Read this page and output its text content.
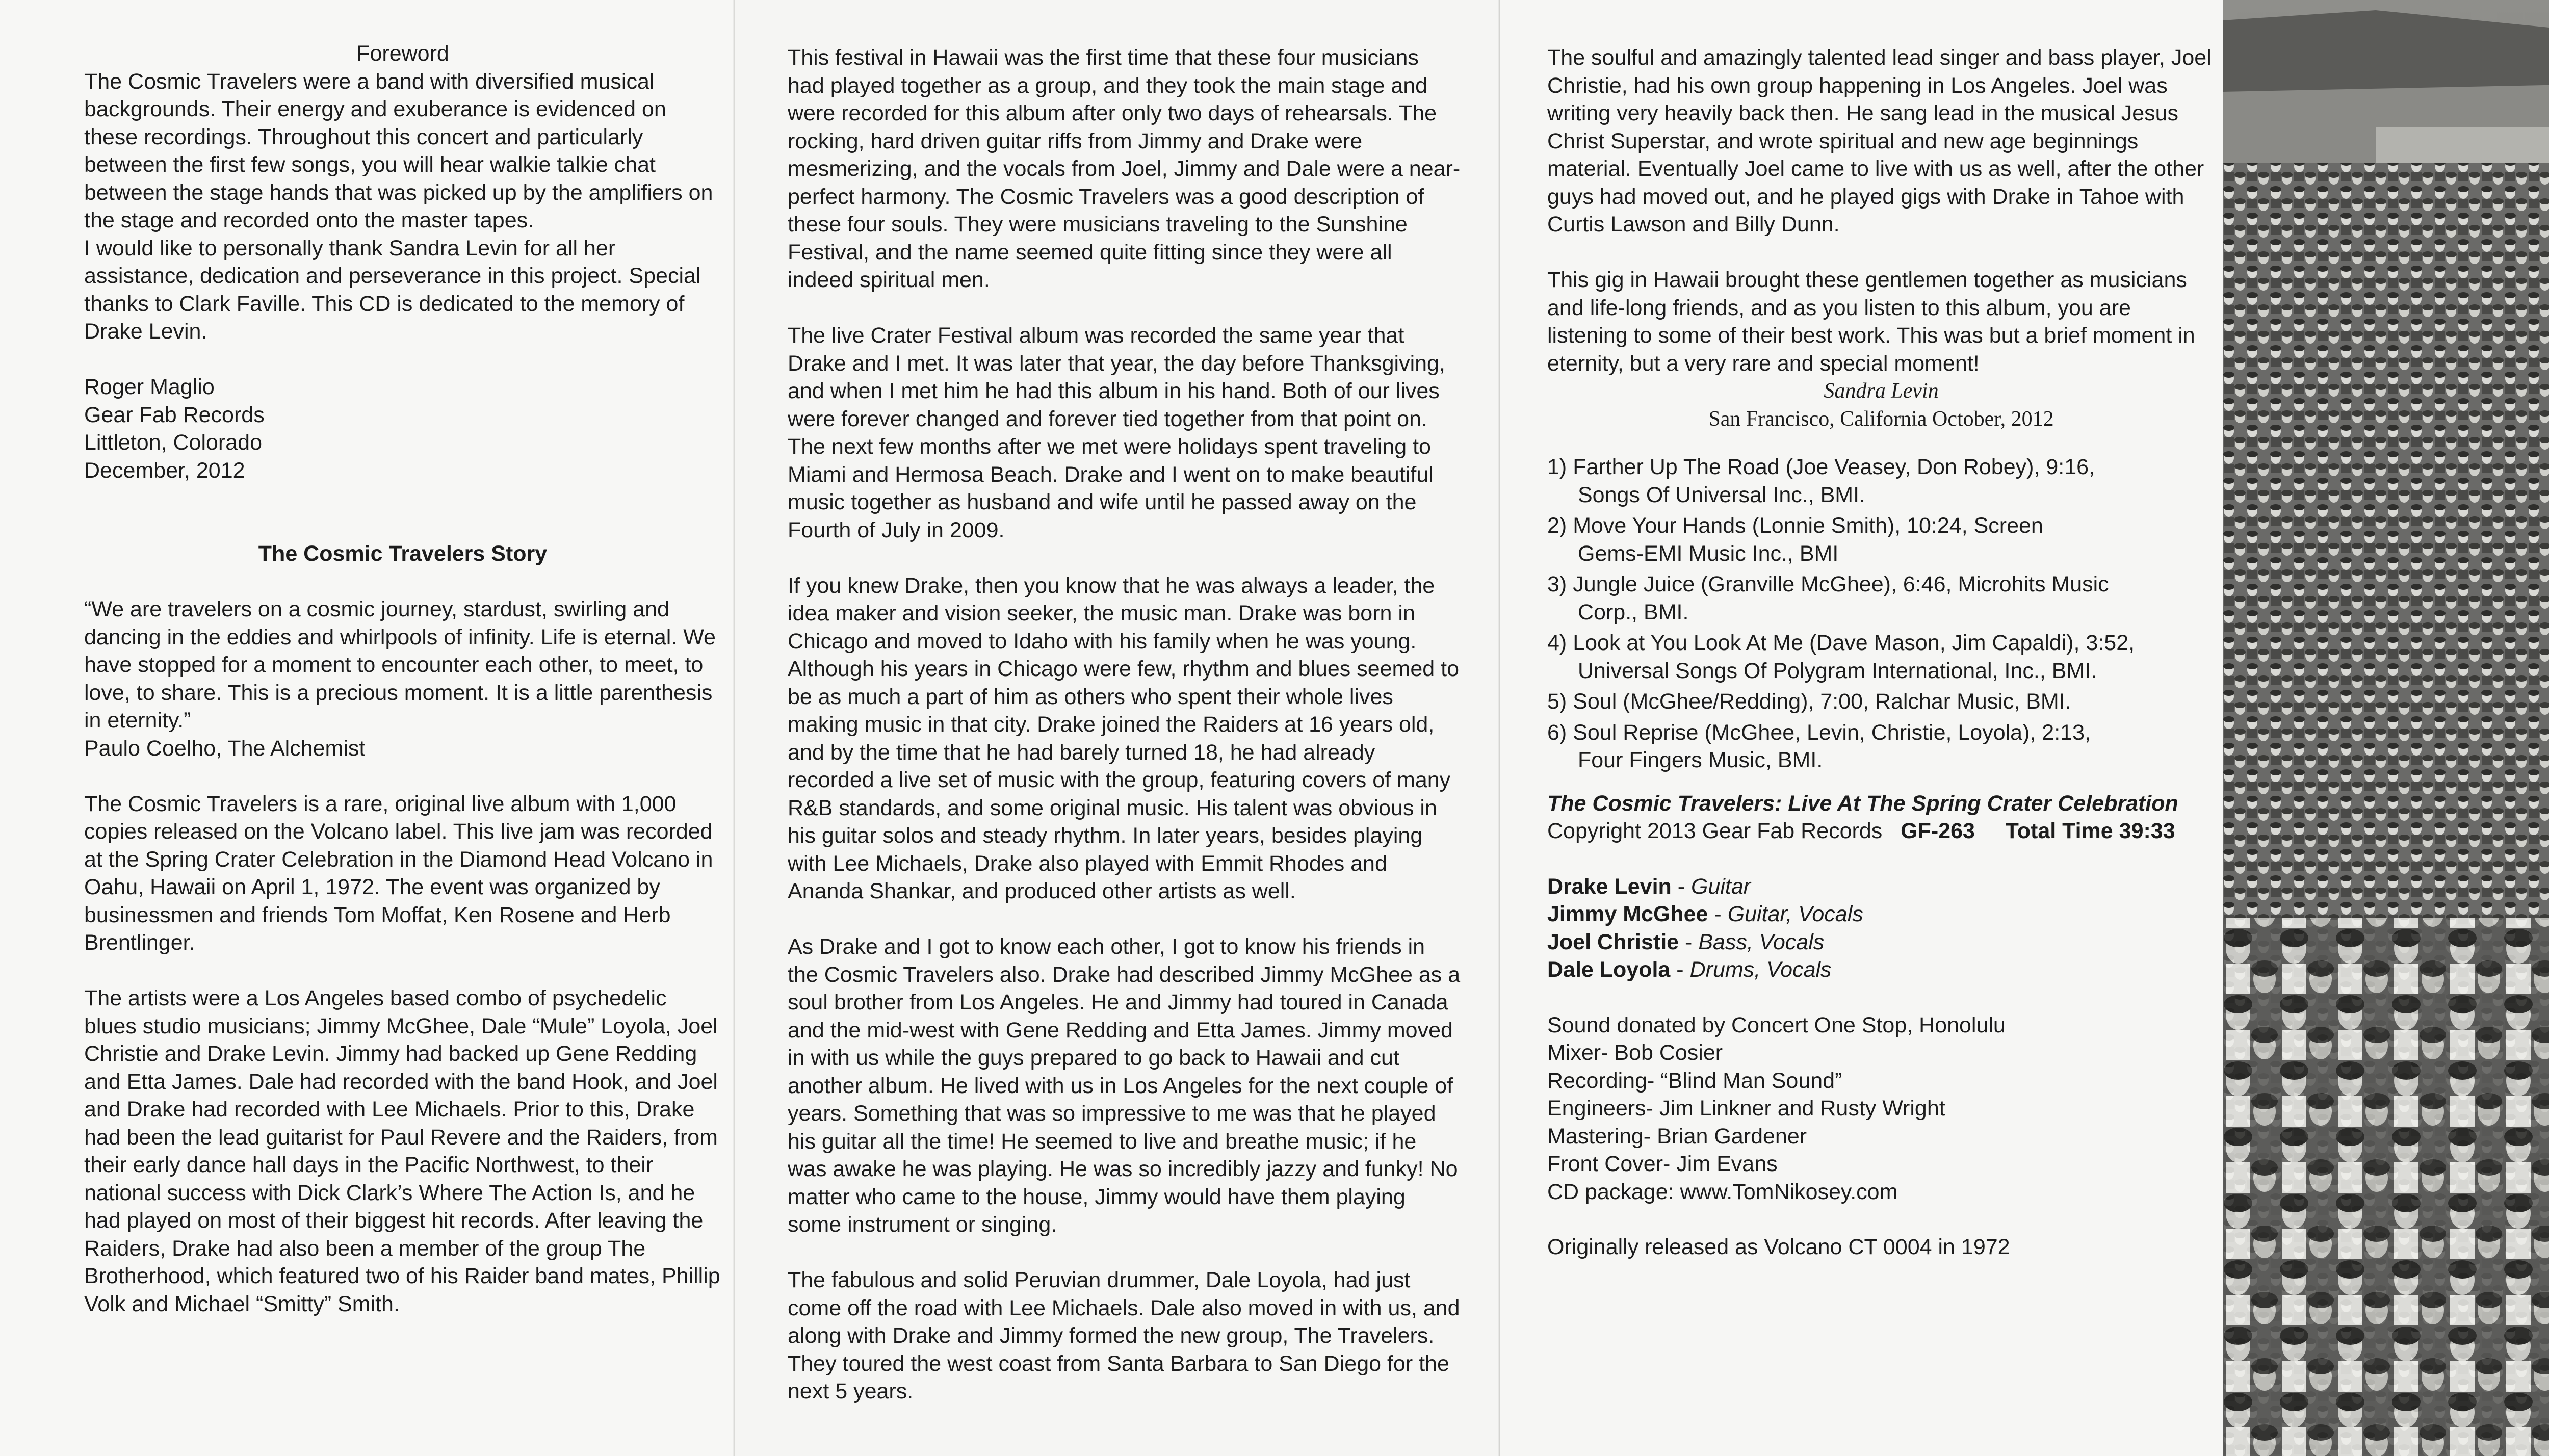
Foreword

The Cosmic Travelers were a band with diversified musical backgrounds. Their energy and exuberance is evidenced on these recordings. Throughout this concert and particularly between the first few songs, you will hear walkie talkie chat between the stage hands that was picked up by the amplifiers on the stage and recorded onto the master tapes.
I would like to personally thank Sandra Levin for all her assistance, dedication and perseverance in this project. Special thanks to Clark Faville. This CD is dedicated to the memory of Drake Levin.

Roger Maglio
Gear Fab Records
Littleton, Colorado
December, 2012
The Cosmic Travelers Story
“We are travelers on a cosmic journey, stardust, swirling and dancing in the eddies and whirlpools of infinity. Life is eternal. We have stopped for a moment to encounter each other, to meet, to love, to share. This is a precious moment. It is a little parenthesis in eternity.”

Paulo Coelho, The Alchemist

The Cosmic Travelers is a rare, original live album with 1,000 copies released on the Volcano label. This live jam was recorded at the Spring Crater Celebration in the Diamond Head Volcano in Oahu, Hawaii on April 1, 1972. The event was organized by businessmen and friends Tom Moffat, Ken Rosene and Herb Brentlinger.

The artists were a Los Angeles based combo of psychedelic blues studio musicians; Jimmy McGhee, Dale “Mule” Loyola, Joel Christie and Drake Levin. Jimmy had backed up Gene Redding and Etta James. Dale had recorded with the band Hook, and Joel and Drake had recorded with Lee Michaels. Prior to this, Drake had been the lead guitarist for Paul Revere and the Raiders, from their early dance hall days in the Pacific Northwest, to their national success with Dick Clark’s Where The Action Is, and he had played on most of their biggest hit records. After leaving the Raiders, Drake had also been a member of the group The Brotherhood, which featured two of his Raider band mates, Phillip Volk and Michael “Smitty” Smith.

This festival in Hawaii was the first time that these four musicians had played together as a group, and they took the main stage and were recorded for this album after only two days of rehearsals. The rocking, hard driven guitar riffs from Jimmy and Drake were mesmerizing, and the vocals from Joel, Jimmy and Dale were a near-perfect harmony. The Cosmic Travelers was a good description of these four souls. They were musicians traveling to the Sunshine Festival, and the name seemed quite fitting since they were all indeed spiritual men.

The live Crater Festival album was recorded the same year that Drake and I met. It was later that year, the day before Thanksgiving, and when I met him he had this album in his hand. Both of our lives were forever changed and forever tied together from that point on. The next few months after we met were holidays spent traveling to Miami and Hermosa Beach. Drake and I went on to make beautiful music together as husband and wife until he passed away on the Fourth of July in 2009.

If you knew Drake, then you know that he was always a leader, the idea maker and vision seeker, the music man. Drake was born in Chicago and moved to Idaho with his family when he was young. Although his years in Chicago were few, rhythm and blues seemed to be as much a part of him as others who spent their whole lives making music in that city. Drake joined the Raiders at 16 years old, and by the time that he had barely turned 18, he had already recorded a live set of music with the group, featuring covers of many R&B standards, and some original music. His talent was obvious in his guitar solos and steady rhythm. In later years, besides playing with Lee Michaels, Drake also played with Emmit Rhodes and Ananda Shankar, and produced other artists as well.

As Drake and I got to know each other, I got to know his friends in the Cosmic Travelers also. Drake had described Jimmy McGhee as a soul brother from Los Angeles. He and Jimmy had toured in Canada and the mid-west with Gene Redding and Etta James. Jimmy moved in with us while the guys prepared to go back to Hawaii and cut another album. He lived with us in Los Angeles for the next couple of years. Something that was so impressive to me was that he played his guitar all the time! He seemed to live and breathe music; if he was awake he was playing. He was so incredibly jazzy and funky! No matter who came to the house, Jimmy would have them playing some instrument or singing.

The fabulous and solid Peruvian drummer, Dale Loyola, had just come off the road with Lee Michaels. Dale also moved in with us, and along with Drake and Jimmy formed the new group, The Travelers. They toured the west coast from Santa Barbara to San Diego for the next 5 years.

The soulful and amazingly talented lead singer and bass player, Joel Christie, had his own group happening in Los Angeles. Joel was writing very heavily back then. He sang lead in the musical Jesus Christ Superstar, and wrote spiritual and new age beginnings material. Eventually Joel came to live with us as well, after the other guys had moved out, and he played gigs with Drake in Tahoe with Curtis Lawson and Billy Dunn.

This gig in Hawaii brought these gentlemen together as musicians and life-long friends, and as you listen to this album, you are listening to some of their best work. This was but a brief moment in eternity, but a very rare and special moment!

Sandra Levin
San Francisco, California October, 2012
1) Farther Up The Road (Joe Veasey, Don Robey), 9:16,
Songs Of Universal Inc., BMI.
2) Move Your Hands (Lonnie Smith), 10:24, Screen
Gems-EMI Music Inc., BMI
3) Jungle Juice (Granville McGhee), 6:46, Microhits Music
Corp., BMI.
4) Look at You Look At Me (Dave Mason, Jim Capaldi), 3:52,
Universal Songs Of Polygram International, Inc., BMI.
5) Soul (McGhee/Redding), 7:00, Ralchar Music, BMI.
6) Soul Reprise (McGhee, Levin, Christie, Loyola), 2:13,
Four Fingers Music, BMI.
The Cosmic Travelers: Live At The Spring Crater Celebration
Copyright 2013 Gear Fab Records GF-263 Total Time 39:33
Drake Levin - Guitar
Jimmy McGhee - Guitar, Vocals
Joel Christie - Bass, Vocals
Dale Loyola - Drums, Vocals
Sound donated by Concert One Stop, Honolulu
Mixer- Bob Cosier
Recording- “Blind Man Sound”
Engineers- Jim Linkner and Rusty Wright
Mastering- Brian Gardener
Front Cover- Jim Evans
CD package: www.TomNikosey.com
Originally released as Volcano CT 0004 in 1972
